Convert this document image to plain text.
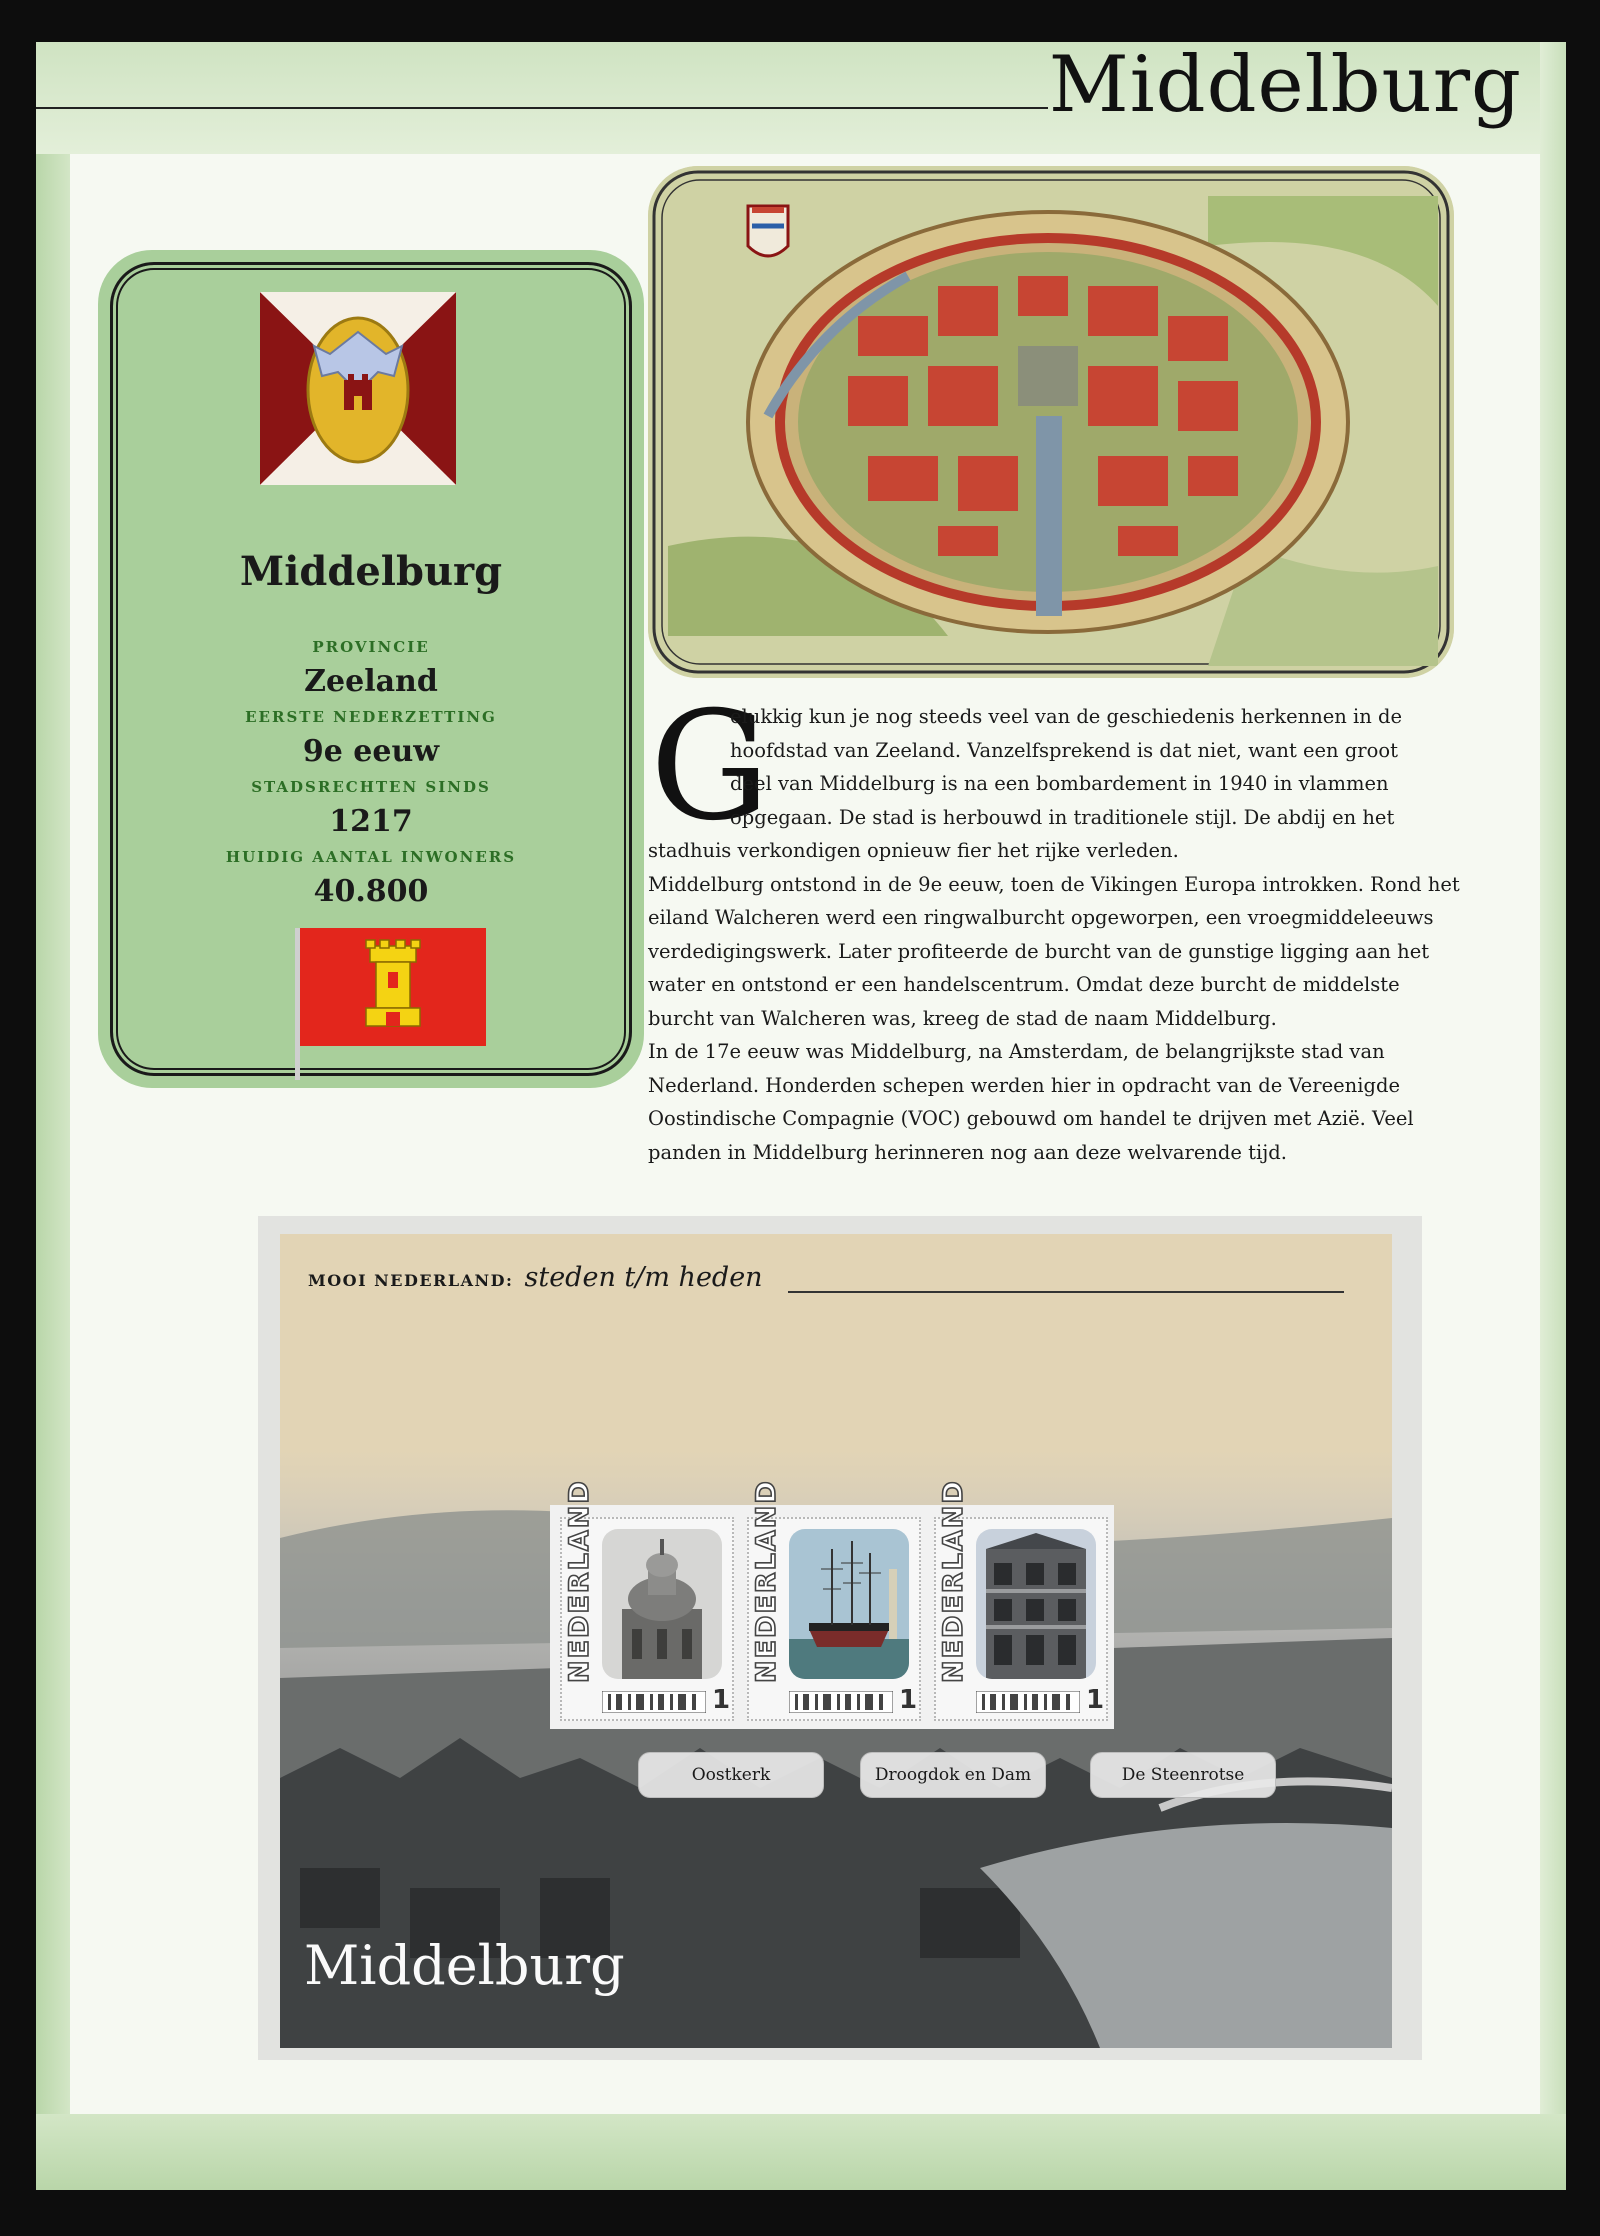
Middelburg
Middelburg
PROVINCIE
Zeeland
EERSTE NEDERZETTING
9e eeuw
STADSRECHTEN SINDS
1217
HUIDIG AANTAL INWONERS
40.800
G
elukkig kun je nog steeds veel van de geschiedenis herkennen in de
hoofdstad van Zeeland. Vanzelfsprekend is dat niet, want een groot
deel van Middelburg is na een bombardement in 1940 in vlammen
opgegaan. De stad is herbouwd in traditionele stijl. De abdij en het
stadhuis verkondigen opnieuw fier het rijke verleden.
Middelburg ontstond in de 9e eeuw, toen de Vikingen Europa introkken. Rond het
eiland Walcheren werd een ringwalburcht opgeworpen, een vroegmiddeleeuws
verdedigingswerk. Later profiteerde de burcht van de gunstige ligging aan het
water en ontstond er een handelscentrum. Omdat deze burcht de middelste
burcht van Walcheren was, kreeg de stad de naam Middelburg.
In de 17e eeuw was Middelburg, na Amsterdam, de belangrijkste stad van
Nederland. Honderden schepen werden hier in opdracht van de Vereenigde
Oostindische Compagnie (VOC) gebouwd om handel te drijven met Azië. Veel
panden in Middelburg herinneren nog aan deze welvarende tijd.
MOOI NEDERLAND: steden t/m heden
Middelburg
NEDERLAND
1
NEDERLAND
1
NEDERLAND
1
Oostkerk	Droogdok en Dam	De Steenrotse
